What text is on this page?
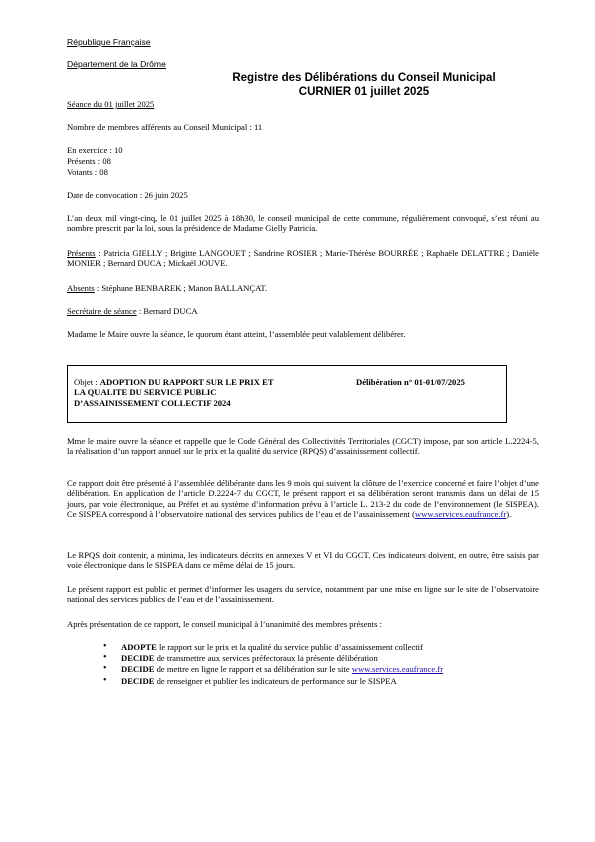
République Française
Département de la Drôme
Registre des Délibérations du Conseil Municipal
CURNIER 01 juillet 2025
Séance du 01 juillet 2025
Nombre de membres afférents au Conseil Municipal : 11
En exercice : 10
Présents : 08
Votants : 08
Date de convocation : 26 juin 2025
L’an deux mil vingt-cinq, le 01 juillet 2025 à 18h30, le conseil municipal de cette commune, régulièrement convoqué, s’est réuni au nombre prescrit par la loi, sous la présidence de Madame Gielly Patricia.
Présents : Patricia GIELLY ; Brigitte LANGOUET ; Sandrine ROSIER ; Marie-Thérèse BOURRÉE ; Raphaële DELATTRE ; Danièle MONIER ; Bernard DUCA ; Mickaël JOUVE.
Absents : Stéphane BENBAREK ; Manon BALLANÇAT.
Secrétaire de séance : Bernard DUCA
Madame le Maire ouvre la séance, le quorum étant atteint, l’assemblée peut valablement délibérer.
Objet : ADOPTION DU RAPPORT SUR LE PRIX ET
LA QUALITE DU SERVICE PUBLIC
D’ASSAINISSEMENT COLLECTIF 2024
Délibération n° 01-01/07/2025
Mme le maire ouvre la séance et rappelle que le Code Général des Collectivités Territoriales (CGCT) impose, par son article L.2224-5, la réalisation d’un rapport annuel sur le prix et la qualité du service (RPQS) d’assainissement collectif.
Ce rapport doit être présenté à l’assemblée délibérante dans les 9 mois qui suivent la clôture de l’exercice concerné et faire l’objet d’une délibération. En application de l’article D.2224-7 du CGCT, le présent rapport et sa délibération seront transmis dans un délai de 15 jours, par voie électronique, au Préfet et au système d’information prévu à l’article L. 213-2 du code de l’environnement (le SISPEA). Ce SISPEA correspond à l’observatoire national des services publics de l’eau et de l’assainissement (www.services.eaufrance.fr).
Le RPQS doit contenir, a minima, les indicateurs décrits en annexes V et VI du CGCT. Ces indicateurs doivent, en outre, être saisis par voie électronique dans le SISPEA dans ce même délai de 15 jours.
Le présent rapport est public et permet d’informer les usagers du service, notamment par une mise en ligne sur le site de l’observatoire national des services publics de l’eau et de l’assainissement.
Après présentation de ce rapport, le conseil municipal à l’unanimité des membres présents :
• ADOPTE le rapport sur le prix et la qualité du service public d’assainissement collectif
• DECIDE de transmettre aux services préfectoraux la présente délibération
• DECIDE de mettre en ligne le rapport et sa délibération sur le site www.services.eaufrance.fr
• DECIDE de renseigner et publier les indicateurs de performance sur le SISPEA
